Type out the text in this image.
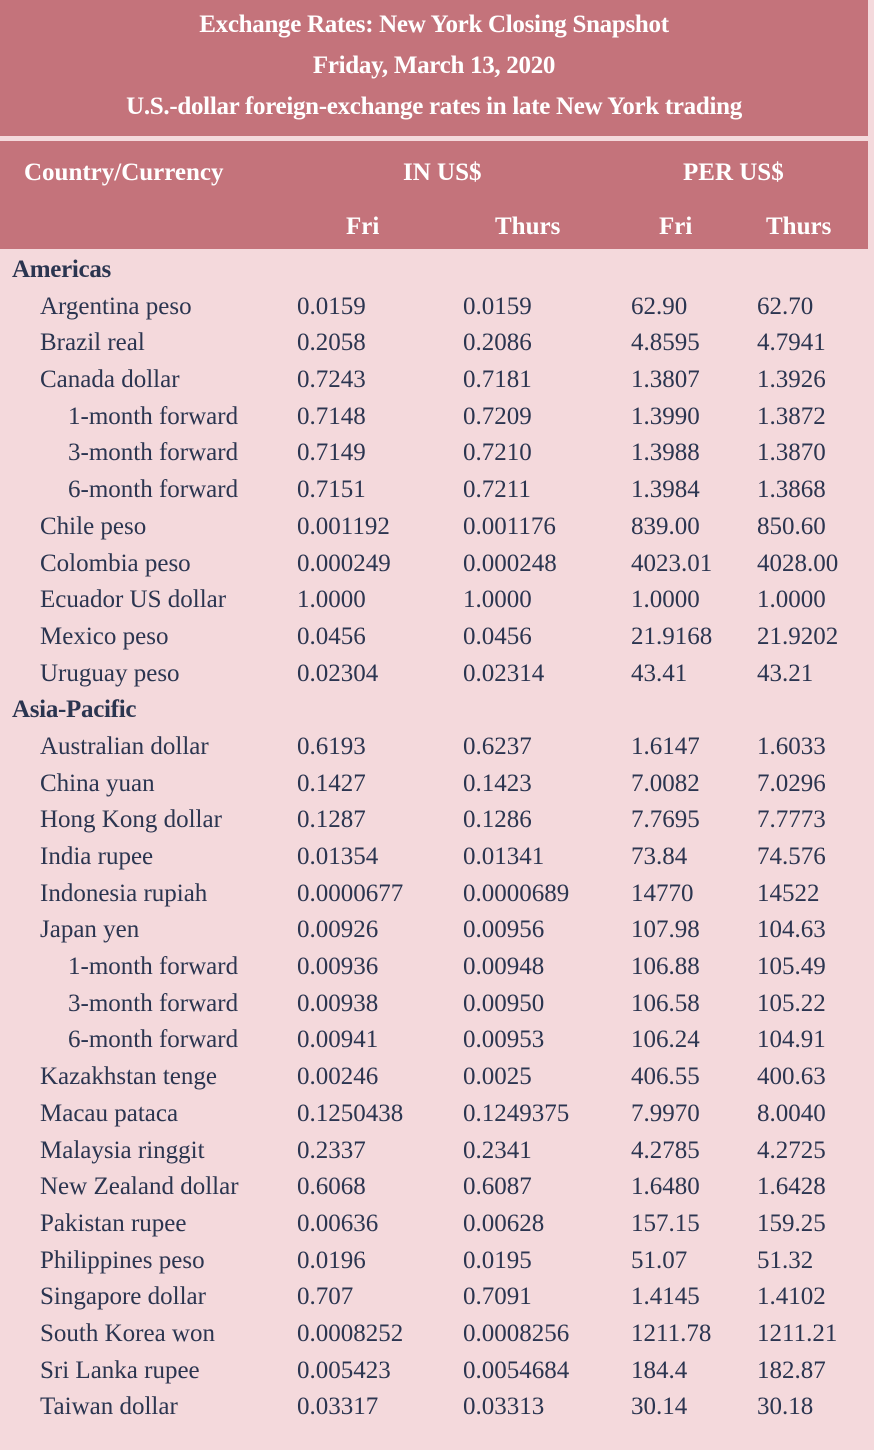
Exchange Rates: New York Closing Snapshot
Friday, March 13, 2020
U.S.-dollar foreign-exchange rates in late New York trading
Country/Currency	IN US$	PER US$
Fri	Thurs	Fri	Thurs
Americas
Argentina peso	0.0159	0.0159	62.90	62.70
Brazil real	0.2058	0.2086	4.8595 4.7941
Canada dollar	0.7243	0.7181	1.3807 1.3926
1-month forward 0.7148	0.7209	1.3990 1.3872
3-month forward 0.7149	0.7210	1.3988 1.3870
6-month forward 0.7151	0.7211	1.3984 1.3868
Chile peso	0.001192	0.001176	839.00 850.60
Colombia peso	0.000249	0.000248	4023.01 4028.00
Ecuador US dollar	1.0000	1.0000	1.0000 1.0000
Mexico peso	0.0456	0.0456	21.9168 21.9202
Uruguay peso	0.02304	0.02314	43.41	43.21
Asia-Pacific
Australian dollar	0.6193	0.6237	1.6147 1.6033
China yuan	0.1427	0.1423	7.0082 7.0296
Hong Kong dollar	0.1287	0.1286	7.7695 7.7773
India rupee	0.01354	0.01341	73.84	74.576
Indonesia rupiah	0.0000677 0.0000689 14770	14522
Japan yen	0.00926	0.00956	107.98 104.63
1-month forward 0.00936	0.00948	106.88 105.49
3-month forward 0.00938	0.00950	106.58 105.22
6-month forward 0.00941	0.00953	106.24 104.91
Kazakhstan tenge	0.00246	0.0025	406.55 400.63
Macau pataca	0.1250438 0.1249375 7.9970 8.0040
Malaysia ringgit	0.2337	0.2341	4.2785 4.2725
New Zealand dollar 0.6068	0.6087	1.6480 1.6428
Pakistan rupee	0.00636	0.00628	157.15 159.25
Philippines peso	0.0196	0.0195	51.07	51.32
Singapore dollar	0.707	0.7091	1.4145 1.4102
South Korea won	0.0008252 0.0008256 1211.78 1211.21
Sri Lanka rupee	0.005423	0.0054684 184.4	182.87
Taiwan dollar	0.03317	0.03313	30.14	30.18
